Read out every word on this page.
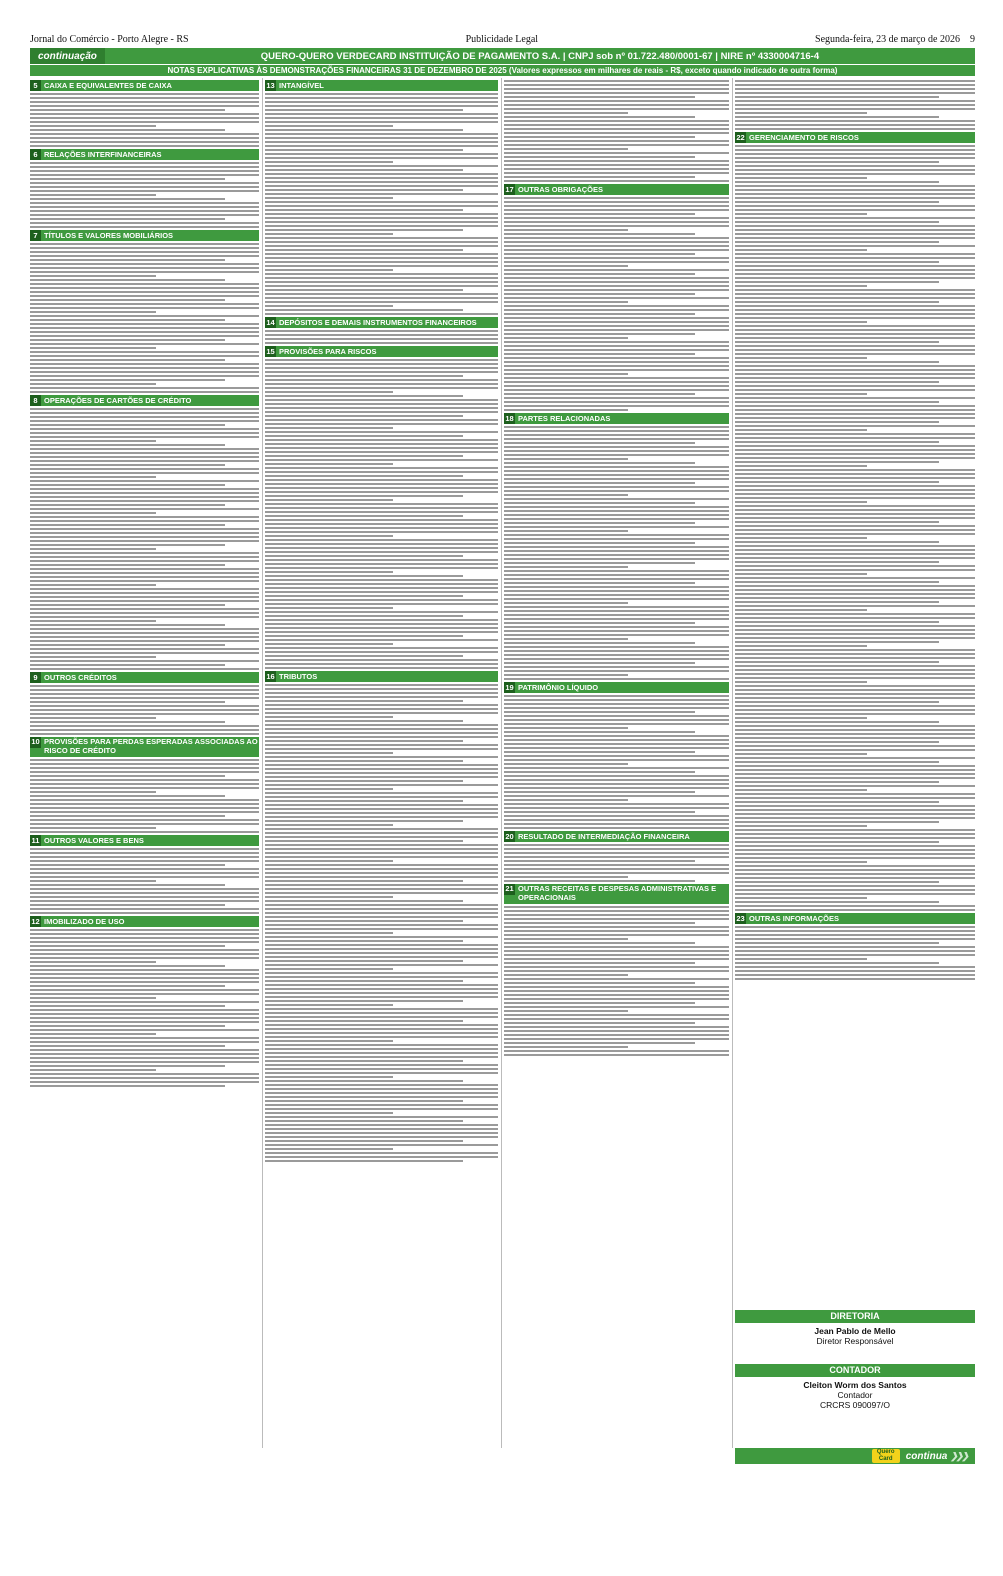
Jornal do Comércio - Porto Alegre - RS	Publicidade Legal	Segunda-feira, 23 de março de 2026 9
continuação	QUERO-QUERO VERDECARD INSTITUIÇÃO DE PAGAMENTO S.A. | CNPJ sob nº 01.722.480/0001-67 | NIRE nº 4330004716-4
NOTAS EXPLICATIVAS ÀS DEMONSTRAÇÕES FINANCEIRAS 31 DE DEZEMBRO DE 2025 (Valores expressos em milhares de reais - R$, exceto quando indicado de outra forma)
5 CAIXA E EQUIVALENTES DE CAIXA
6 RELAÇÕES INTERFINANCEIRAS
7 TÍTULOS E VALORES MOBILIÁRIOS
8 OPERAÇÕES DE CARTÕES DE CRÉDITO
9 OUTROS CRÉDITOS
10 PROVISÕES PARA PERDAS ESPERADAS ASSOCIADAS AO RISCO DE CRÉDITO
11 OUTROS VALORES E BENS
12 IMOBILIZADO DE USO
13 INTANGÍVEL
14 DEPÓSITOS E DEMAIS INSTRUMENTOS FINANCEIROS
15 PROVISÕES PARA RISCOS
16 TRIBUTOS
17 OUTRAS OBRIGAÇÕES
18 PARTES RELACIONADAS
19 PATRIMÔNIO LÍQUIDO
20 RESULTADO DE INTERMEDIAÇÃO FINANCEIRA
21 OUTRAS RECEITAS E DESPESAS ADMINISTRATIVAS E OPERACIONAIS
22 GERENCIAMENTO DE RISCOS
23 OUTRAS INFORMAÇÕES
DIRETORIA
Jean Pablo de Mello
Diretor Responsável
CONTADOR
Cleiton Worm dos Santos
Contador
CRCRS 090097/O
Quero
Card	continua ❯❯❯
